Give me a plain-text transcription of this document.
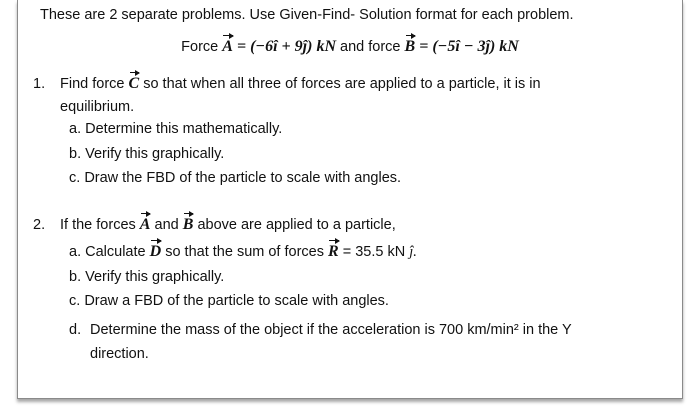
These are 2 separate problems. Use Given-Find- Solution format for each problem.
Force A = (−6î + 9ĵ) kN and force B = (−5î − 3ĵ) kN
1.	Find force C so that when all three of forces are applied to a particle, it is in
equilibrium.
a. Determine this mathematically.
b. Verify this graphically.
c. Draw the FBD of the particle to scale with angles.
2.	If the forces A and B above are applied to a particle,
a. Calculate D so that the sum of forces R = 35.5 kN ĵ.
b. Verify this graphically.
c. Draw a FBD of the particle to scale with angles.
d. Determine the mass of the object if the acceleration is 700 km/min² in the Y
direction.
